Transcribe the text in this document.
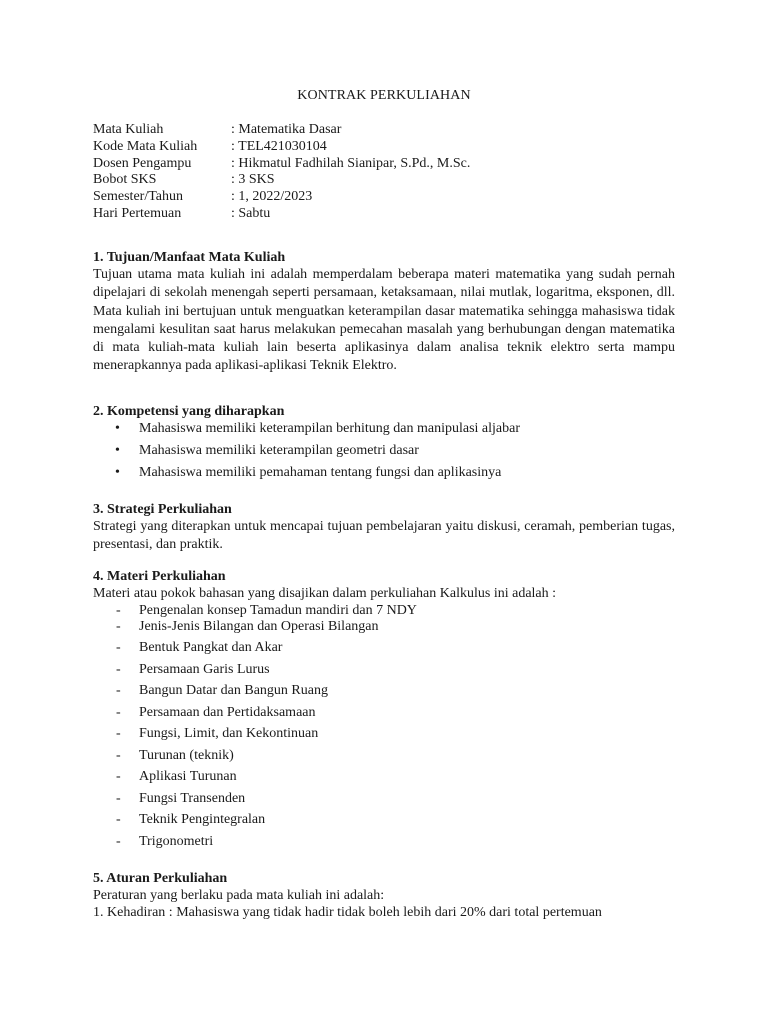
KONTRAK PERKULIAHAN
Mata Kuliah	: Matematika Dasar
Kode Mata Kuliah : TEL421030104
Dosen Pengampu	: Hikmatul Fadhilah Sianipar, S.Pd., M.Sc.
Bobot SKS	: 3 SKS
Semester/Tahun	: 1, 2022/2023
Hari Pertemuan	: Sabtu
1. Tujuan/Manfaat Mata Kuliah
Tujuan utama mata kuliah ini adalah memperdalam beberapa materi matematika yang sudah pernah dipelajari di sekolah menengah seperti persamaan, ketaksamaan, nilai mutlak, logaritma, eksponen, dll. Mata kuliah ini bertujuan untuk menguatkan keterampilan dasar matematika sehingga mahasiswa tidak mengalami kesulitan saat harus melakukan pemecahan masalah yang berhubungan dengan matematika di mata kuliah-mata kuliah lain beserta aplikasinya dalam analisa teknik elektro serta mampu menerapkannya pada aplikasi-aplikasi Teknik Elektro.
2. Kompetensi yang diharapkan
• Mahasiswa memiliki keterampilan berhitung dan manipulasi aljabar
• Mahasiswa memiliki keterampilan geometri dasar
• Mahasiswa memiliki pemahaman tentang fungsi dan aplikasinya
3. Strategi Perkuliahan
Strategi yang diterapkan untuk mencapai tujuan pembelajaran yaitu diskusi, ceramah, pemberian tugas, presentasi, dan praktik.
4. Materi Perkuliahan
Materi atau pokok bahasan yang disajikan dalam perkuliahan Kalkulus ini adalah :
- Pengenalan konsep Tamadun mandiri dan 7 NDY
- Jenis-Jenis Bilangan dan Operasi Bilangan
- Bentuk Pangkat dan Akar
- Persamaan Garis Lurus
- Bangun Datar dan Bangun Ruang
- Persamaan dan Pertidaksamaan
- Fungsi, Limit, dan Kekontinuan
- Turunan (teknik)
- Aplikasi Turunan
- Fungsi Transenden
- Teknik Pengintegralan
- Trigonometri
5. Aturan Perkuliahan
Peraturan yang berlaku pada mata kuliah ini adalah:
1. Kehadiran : Mahasiswa yang tidak hadir tidak boleh lebih dari 20% dari total pertemuan
